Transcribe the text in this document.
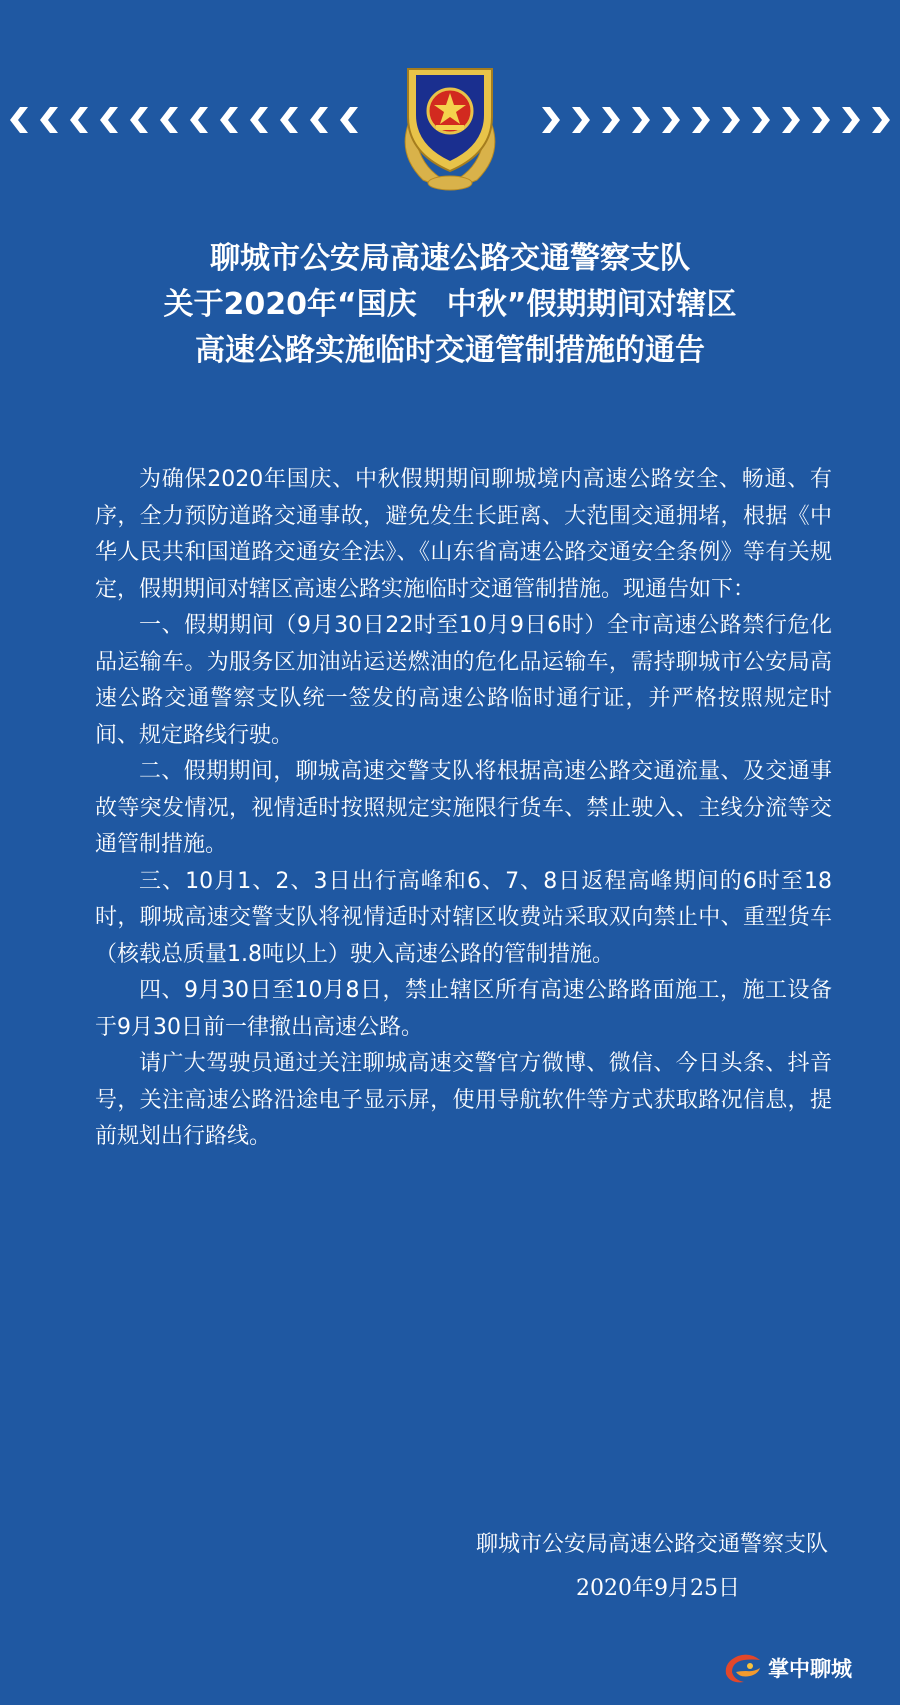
聊城市公安局高速公路交通警察支队
关于2020年“国庆　中秋”假期期间对辖区
高速公路实施临时交通管制措施的通告

为确保2020年国庆、中秋假期期间聊城境内高速公路安全、畅通、有序，全力预防道路交通事故，避免发生长距离、大范围交通拥堵，根据《中华人民共和国道路交通安全法》、《山东省高速公路交通安全条例》等有关规定，假期期间对辖区高速公路实施临时交通管制措施。现通告如下：

一、假期期间（9月30日22时至10月9日6时）全市高速公路禁行危化品运输车。为服务区加油站运送燃油的危化品运输车，需持聊城市公安局高速公路交通警察支队统一签发的高速公路临时通行证，并严格按照规定时间、规定路线行驶。

二、假期期间，聊城高速交警支队将根据高速公路交通流量、及交通事故等突发情况，视情适时按照规定实施限行货车、禁止驶入、主线分流等交通管制措施。

三、10月1、2、3日出行高峰和6、7、8日返程高峰期间的6时至18时，聊城高速交警支队将视情适时对辖区收费站采取双向禁止中、重型货车（核载总质量1.8吨以上）驶入高速公路的管制措施。

四、9月30日至10月8日，禁止辖区所有高速公路路面施工，施工设备于9月30日前一律撤出高速公路。

请广大驾驶员通过关注聊城高速交警官方微博、微信、今日头条、抖音号，关注高速公路沿途电子显示屏，使用导航软件等方式获取路况信息，提前规划出行路线。

聊城市公安局高速公路交通警察支队
2020年9月25日
掌中聊城
